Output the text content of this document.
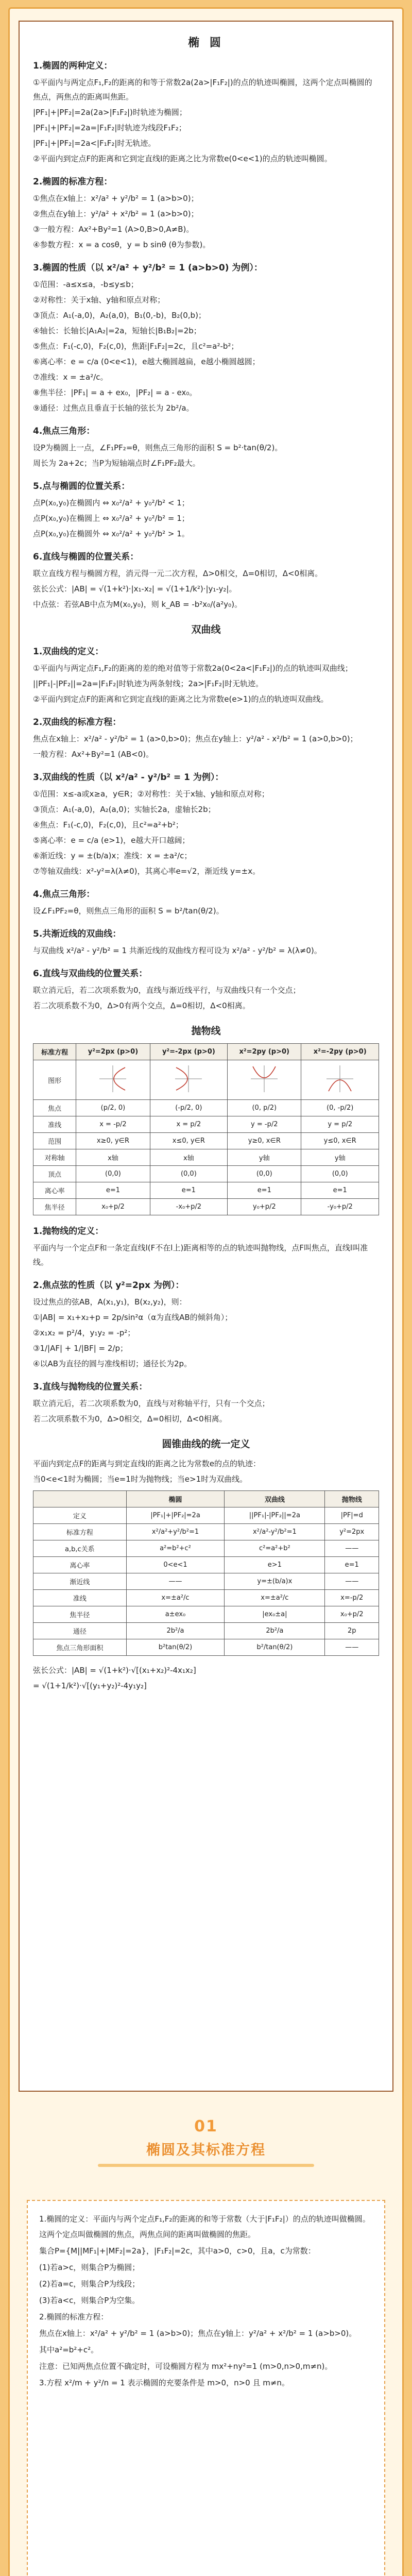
椭 圆
1.椭圆的两种定义：
①平面内与两定点F₁,F₂的距离的和等于常数2a(2a>|F₁F₂|)的点的轨迹叫椭圆，这两个定点叫椭圆的焦点，两焦点的距离叫焦距。
|PF₁|+|PF₂|=2a(2a>|F₁F₂|)时轨迹为椭圆；
|PF₁|+|PF₂|=2a=|F₁F₂|时轨迹为线段F₁F₂；
|PF₁|+|PF₂|=2a<|F₁F₂|时无轨迹。
②平面内到定点F的距离和它到定直线l的距离之比为常数e(0<e<1)的点的轨迹叫椭圆。
2.椭圆的标准方程：
①焦点在x轴上：x²/a² + y²/b² = 1 (a>b>0)；
②焦点在y轴上：y²/a² + x²/b² = 1 (a>b>0)；
③一般方程：Ax²+By²=1 (A>0,B>0,A≠B)。
④参数方程：x = a cosθ，y = b sinθ (θ为参数)。
3.椭圆的性质（以 x²/a² + y²/b² = 1 (a>b>0) 为例）：
①范围：-a≤x≤a，-b≤y≤b；
②对称性：关于x轴、y轴和原点对称；
③顶点：A₁(-a,0)，A₂(a,0)，B₁(0,-b)，B₂(0,b)；
④轴长：长轴长|A₁A₂|=2a，短轴长|B₁B₂|=2b；
⑤焦点：F₁(-c,0)，F₂(c,0)，焦距|F₁F₂|=2c，且c²=a²-b²；
⑥离心率：e = c/a (0<e<1)，e越大椭圆越扁，e越小椭圆越圆；
⑦准线：x = ±a²/c。
⑧焦半径：|PF₁| = a + ex₀，|PF₂| = a - ex₀。
⑨通径：过焦点且垂直于长轴的弦长为 2b²/a。
4.焦点三角形：
设P为椭圆上一点，∠F₁PF₂=θ，则焦点三角形的面积 S = b²·tan(θ/2)。
周长为 2a+2c；当P为短轴端点时∠F₁PF₂最大。
5.点与椭圆的位置关系：
点P(x₀,y₀)在椭圆内 ⇔ x₀²/a² + y₀²/b² < 1；
点P(x₀,y₀)在椭圆上 ⇔ x₀²/a² + y₀²/b² = 1；
点P(x₀,y₀)在椭圆外 ⇔ x₀²/a² + y₀²/b² > 1。
6.直线与椭圆的位置关系：
联立直线方程与椭圆方程，消元得一元二次方程，Δ>0相交，Δ=0相切，Δ<0相离。
弦长公式：|AB| = √(1+k²)·|x₁-x₂| = √(1+1/k²)·|y₁-y₂|。
中点弦：若弦AB中点为M(x₀,y₀)，则 k_AB = -b²x₀/(a²y₀)。
双曲线
1.双曲线的定义：
①平面内与两定点F₁,F₂的距离的差的绝对值等于常数2a(0<2a<|F₁F₂|)的点的轨迹叫双曲线；
||PF₁|-|PF₂||=2a=|F₁F₂|时轨迹为两条射线；2a>|F₁F₂|时无轨迹。
②平面内到定点F的距离和它到定直线l的距离之比为常数e(e>1)的点的轨迹叫双曲线。
2.双曲线的标准方程：
焦点在x轴上：x²/a² - y²/b² = 1 (a>0,b>0)；焦点在y轴上：y²/a² - x²/b² = 1 (a>0,b>0)；
一般方程：Ax²+By²=1 (AB<0)。
3.双曲线的性质（以 x²/a² - y²/b² = 1 为例）：
①范围：x≤-a或x≥a，y∈R；②对称性：关于x轴、y轴和原点对称；
③顶点：A₁(-a,0)，A₂(a,0)；实轴长2a，虚轴长2b；
④焦点：F₁(-c,0)，F₂(c,0)，且c²=a²+b²；
⑤离心率：e = c/a (e>1)，e越大开口越阔；
⑥渐近线：y = ±(b/a)x；准线：x = ±a²/c；
⑦等轴双曲线：x²-y²=λ(λ≠0)，其离心率e=√2，渐近线 y=±x。
4.焦点三角形：
设∠F₁PF₂=θ，则焦点三角形的面积 S = b²/tan(θ/2)。
5.共渐近线的双曲线：
与双曲线 x²/a² - y²/b² = 1 共渐近线的双曲线方程可设为 x²/a² - y²/b² = λ(λ≠0)。
6.直线与双曲线的位置关系：
联立消元后，若二次项系数为0，直线与渐近线平行，与双曲线只有一个交点；
若二次项系数不为0，Δ>0有两个交点，Δ=0相切，Δ<0相离。
抛物线
标准方程	y²=2px (p>0)	y²=-2px (p>0)	x²=2py (p>0)	x²=-2py (p>0)
图形				
焦点	(p/2, 0)	(-p/2, 0)	(0, p/2)	(0, -p/2)
准线	x = -p/2	x = p/2	y = -p/2	y = p/2
范围	x≥0, y∈R	x≤0, y∈R	y≥0, x∈R	y≤0, x∈R
对称轴	x轴	x轴	y轴	y轴
顶点	(0,0)	(0,0)	(0,0)	(0,0)
离心率	e=1	e=1	e=1	e=1
焦半径	x₀+p/2	-x₀+p/2	y₀+p/2	-y₀+p/2
1.抛物线的定义：
平面内与一个定点F和一条定直线l(F不在l上)距离相等的点的轨迹叫抛物线，点F叫焦点，直线l叫准线。
2.焦点弦的性质（以 y²=2px 为例）：
设过焦点的弦AB，A(x₁,y₁)，B(x₂,y₂)，则：
①|AB| = x₁+x₂+p = 2p/sin²α（α为直线AB的倾斜角）；
②x₁x₂ = p²/4，y₁y₂ = -p²；
③1/|AF| + 1/|BF| = 2/p；
④以AB为直径的圆与准线相切；通径长为2p。
3.直线与抛物线的位置关系：
联立消元后，若二次项系数为0，直线与对称轴平行，只有一个交点；
若二次项系数不为0，Δ>0相交，Δ=0相切，Δ<0相离。
圆锥曲线的统一定义
平面内到定点F的距离与到定直线l的距离之比为常数e的点的轨迹：
当0<e<1时为椭圆；当e=1时为抛物线；当e>1时为双曲线。
	椭圆	双曲线	抛物线
定义	|PF₁|+|PF₂|=2a	||PF₁|-|PF₂||=2a	|PF|=d
标准方程	x²/a²+y²/b²=1	x²/a²-y²/b²=1	y²=2px
a,b,c关系	a²=b²+c²	c²=a²+b²	——
离心率	0<e<1	e>1	e=1
渐近线	——	y=±(b/a)x	——
准线	x=±a²/c	x=±a²/c	x=-p/2
焦半径	a±ex₀	|ex₀±a|	x₀+p/2
通径	2b²/a	2b²/a	2p
焦点三角形面积	b²tan(θ/2)	b²/tan(θ/2)	——
弦长公式：|AB| = √(1+k²)·√[(x₁+x₂)²-4x₁x₂]
= √(1+1/k²)·√[(y₁+y₂)²-4y₁y₂]
01
椭圆及其标准方程
1.椭圆的定义：平面内与两个定点F₁,F₂的距离的和等于常数（大于|F₁F₂|）的点的轨迹叫做椭圆。这两个定点叫做椭圆的焦点，两焦点间的距离叫做椭圆的焦距。
集合P={M||MF₁|+|MF₂|=2a}，|F₁F₂|=2c，其中a>0，c>0，且a，c为常数：
(1)若a>c，则集合P为椭圆；
(2)若a=c，则集合P为线段；
(3)若a<c，则集合P为空集。
2.椭圆的标准方程：
焦点在x轴上：x²/a² + y²/b² = 1 (a>b>0)；焦点在y轴上：y²/a² + x²/b² = 1 (a>b>0)。
其中a²=b²+c²。
注意：已知两焦点位置不确定时，可设椭圆方程为 mx²+ny²=1 (m>0,n>0,m≠n)。
3.方程 x²/m + y²/n = 1 表示椭圆的充要条件是 m>0，n>0 且 m≠n。
